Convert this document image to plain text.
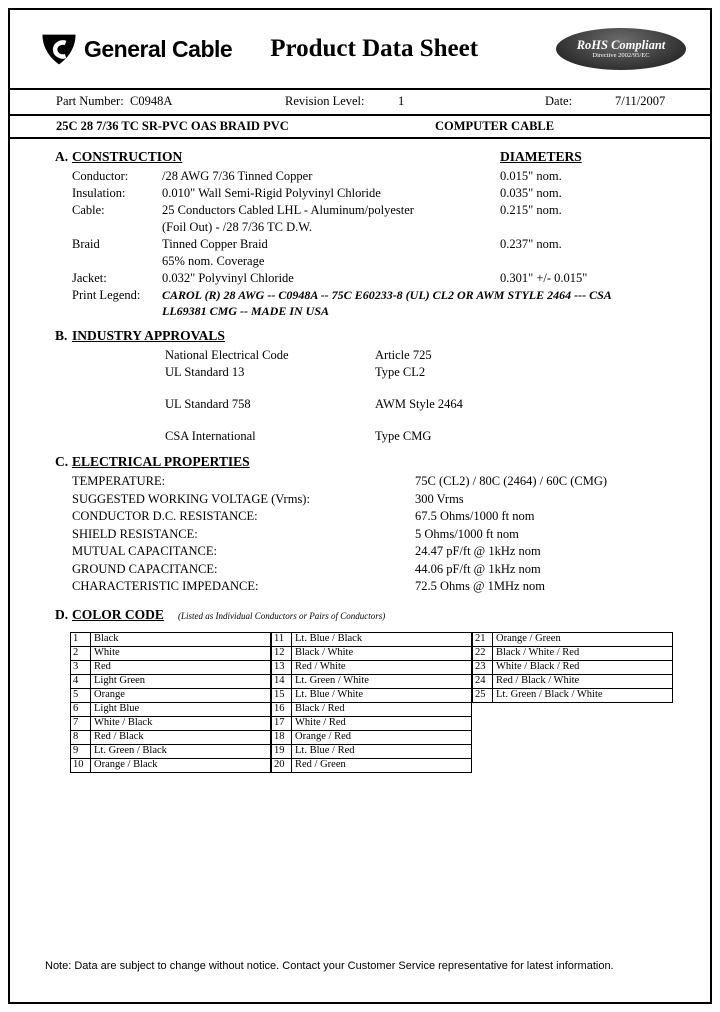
General Cable Product Data Sheet	RoHS Compliant
Directive 2002/95/EC
Part Number: C0948A	Revision Level:	1	Date:	7/11/2007
25C 28 7/36 TC SR-PVC OAS BRAID PVC	COMPUTER CABLE
A. CONSTRUCTION	DIAMETERS
Conductor:	/28 AWG 7/36 Tinned Copper	0.015" nom.
Insulation:	0.010" Wall Semi-Rigid Polyvinyl Chloride	0.035" nom.
Cable:	25 Conductors Cabled LHL - Aluminum/polyester	0.215" nom.
(Foil Out) - /28 7/36 TC D.W.
Braid	Tinned Copper Braid	0.237" nom.
65% nom. Coverage
Jacket:	0.032" Polyvinyl Chloride	0.301" +/- 0.015"
Print Legend: CAROL (R) 28 AWG -- C0948A -- 75C E60233-8 (UL) CL2 OR AWM STYLE 2464 --- CSA LL69381 CMG -- MADE IN USA
B. INDUSTRY APPROVALS
National Electrical Code	Article 725
UL Standard 13	Type CL2
UL Standard 758	AWM Style 2464
CSA International	Type CMG
C. ELECTRICAL PROPERTIES
TEMPERATURE:	75C (CL2) / 80C (2464) / 60C (CMG)
SUGGESTED WORKING VOLTAGE (Vrms):	300 Vrms
CONDUCTOR D.C. RESISTANCE:	67.5 Ohms/1000 ft nom
SHIELD RESISTANCE:	5 Ohms/1000 ft nom
MUTUAL CAPACITANCE:	24.47 pF/ft @ 1kHz nom
GROUND CAPACITANCE:	44.06 pF/ft @ 1kHz nom
CHARACTERISTIC IMPEDANCE:	72.5 Ohms @ 1MHz nom
D. COLOR CODE (Listed as Individual Conductors or Pairs of Conductors)
1	Black
2	White
3	Red
4	Light Green
5	Orange
6	Light Blue
7	White / Black
8	Red / Black
9	Lt. Green / Black
10	Orange / Black
11	Lt. Blue / Black
12	Black / White
13	Red / White
14	Lt. Green / White
15	Lt. Blue / White
16	Black / Red
17	White / Red
18	Orange / Red
19	Lt. Blue / Red
20	Red / Green
21	Orange / Green
22	Black / White / Red
23	White / Black / Red
24	Red / Black / White
25	Lt. Green / Black / White
Note: Data are subject to change without notice. Contact your Customer Service representative for latest information.
